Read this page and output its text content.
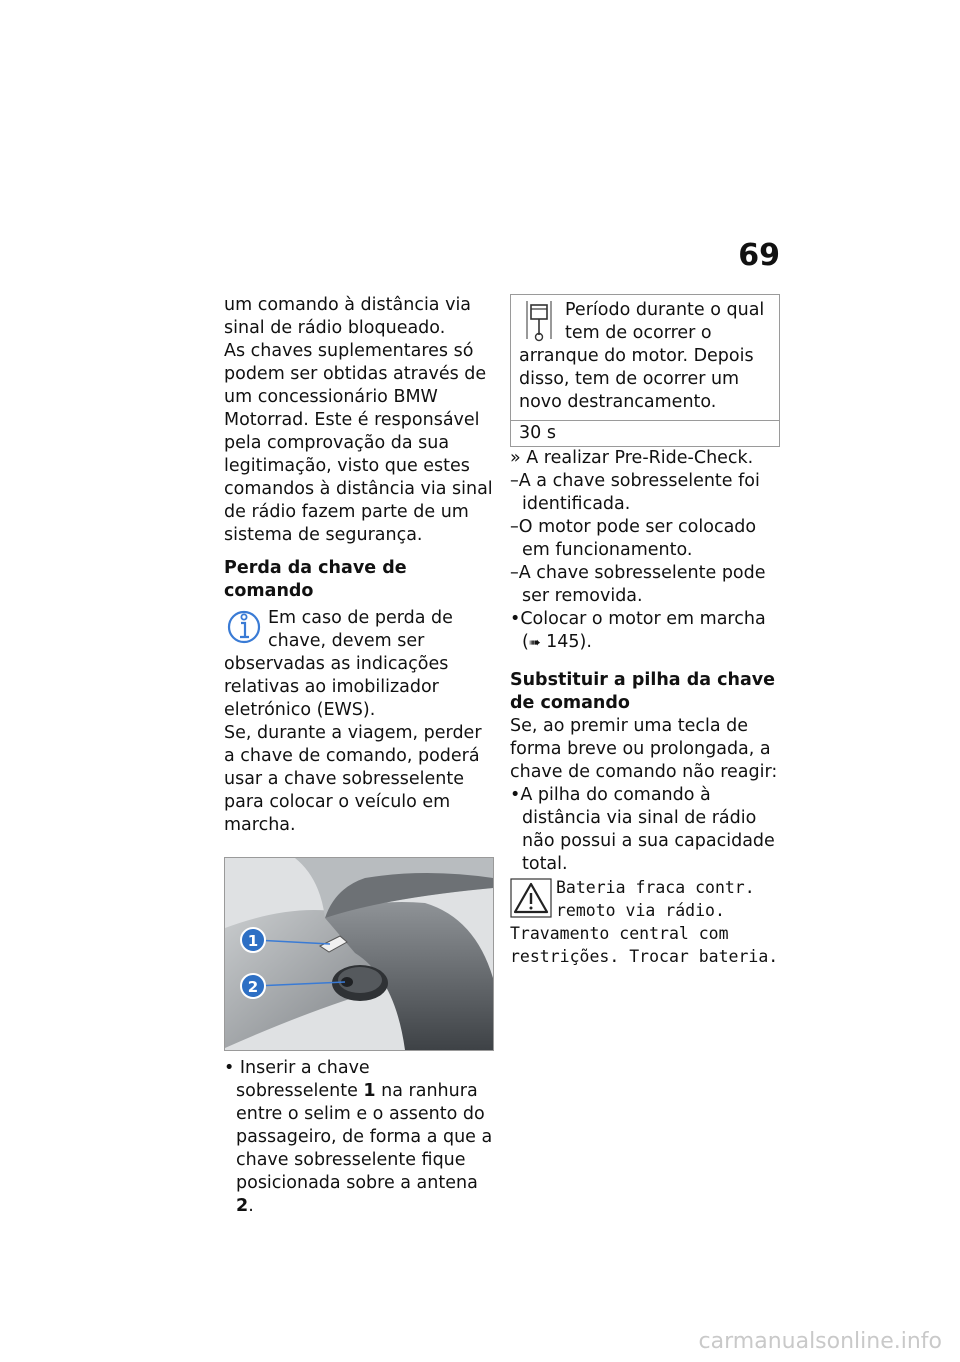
69

um comando à distância via sinal de rádio bloqueado.

As chaves suplementares só podem ser obtidas através de um concessionário BMW Motorrad. Este é responsável pela comprovação da sua legitimação, visto que estes comandos à distância via sinal de rádio fazem parte de um sistema de segurança.

Perda da chave de comando

Em caso de perda de chave, devem ser observadas as indicações relativas ao imobilizador eletrónico (EWS).

Se, durante a viagem, perder a chave de comando, poderá usar a chave sobresselente para colocar o veículo em marcha.

1
2

• Inserir a chave sobresselente 1 na ranhura entre o selim e o assento do passageiro, de forma a que a chave sobresselente fique posicionada sobre a antena 2.

Período durante o qual tem de ocorrer o arranque do motor. Depois disso, tem de ocorrer um novo destrancamento.
30 s

» A realizar Pre-Ride-Check.

–A a chave sobresselente foi identificada.

–O motor pode ser colocado em funcionamento.

–A chave sobresselente pode ser removida.

•Colocar o motor em marcha (➠ 145).

Substituir a pilha da chave de comando

Se, ao premir uma tecla de forma breve ou prolongada, a chave de comando não reagir:

•A pilha do comando à distância via sinal de rádio não possui a sua capacidade total.

Bateria fraca contr. remoto via rádio. Travamento central com restrições. Trocar bateria.

carmanualsonline.info
